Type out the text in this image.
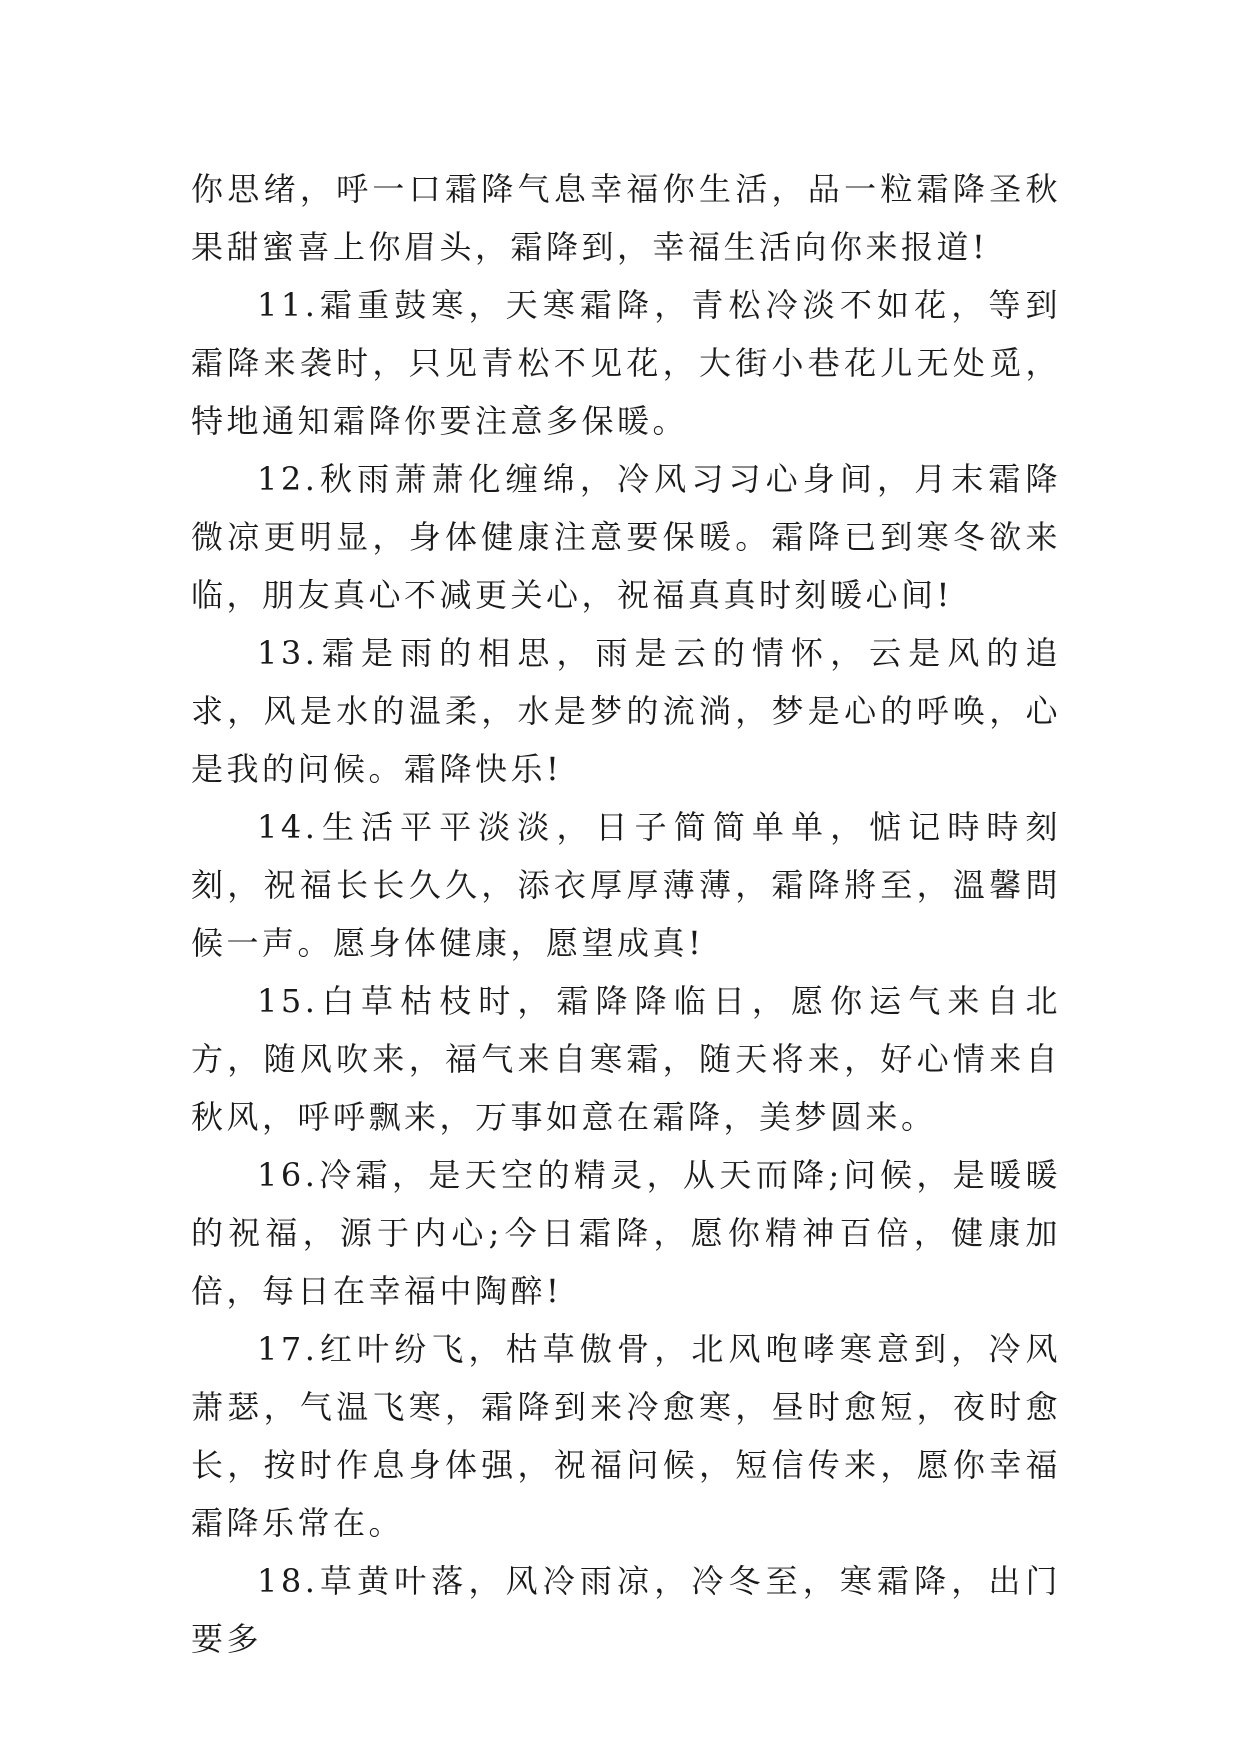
你思绪，呼一口霜降气息幸福你生活，品一粒霜降圣秋果甜蜜喜上你眉头，霜降到，幸福生活向你来报道!

11.霜重鼓寒，天寒霜降，青松冷淡不如花，等到霜降来袭时，只见青松不见花，大街小巷花儿无处觅，特地通知霜降你要注意多保暖。

12.秋雨萧萧化缠绵，冷风习习心身间，月末霜降微凉更明显，身体健康注意要保暖。霜降已到寒冬欲来临，朋友真心不减更关心，祝福真真时刻暖心间!

13.霜是雨的相思，雨是云的情怀，云是风的追求，风是水的温柔，水是梦的流淌，梦是心的呼唤，心是我的问候。霜降快乐!

14.生活平平淡淡，日子简简单单，惦记時時刻刻，祝福长长久久，添衣厚厚薄薄，霜降將至，溫馨問候一声。愿身体健康，愿望成真!

15.白草枯枝时，霜降降临日，愿你运气来自北方，随风吹来，福气来自寒霜，随天将来，好心情来自秋风，呼呼飘来，万事如意在霜降，美梦圆来。

16.冷霜，是天空的精灵，从天而降;问候，是暖暖的祝福，源于内心;今日霜降，愿你精神百倍，健康加倍，每日在幸福中陶醉!

17.红叶纷飞，枯草傲骨，北风咆哮寒意到，冷风萧瑟，气温飞寒，霜降到来冷愈寒，昼时愈短，夜时愈长，按时作息身体强，祝福问候，短信传来，愿你幸福霜降乐常在。

18.草黄叶落，风冷雨凉，冷冬至，寒霜降，出门要多
